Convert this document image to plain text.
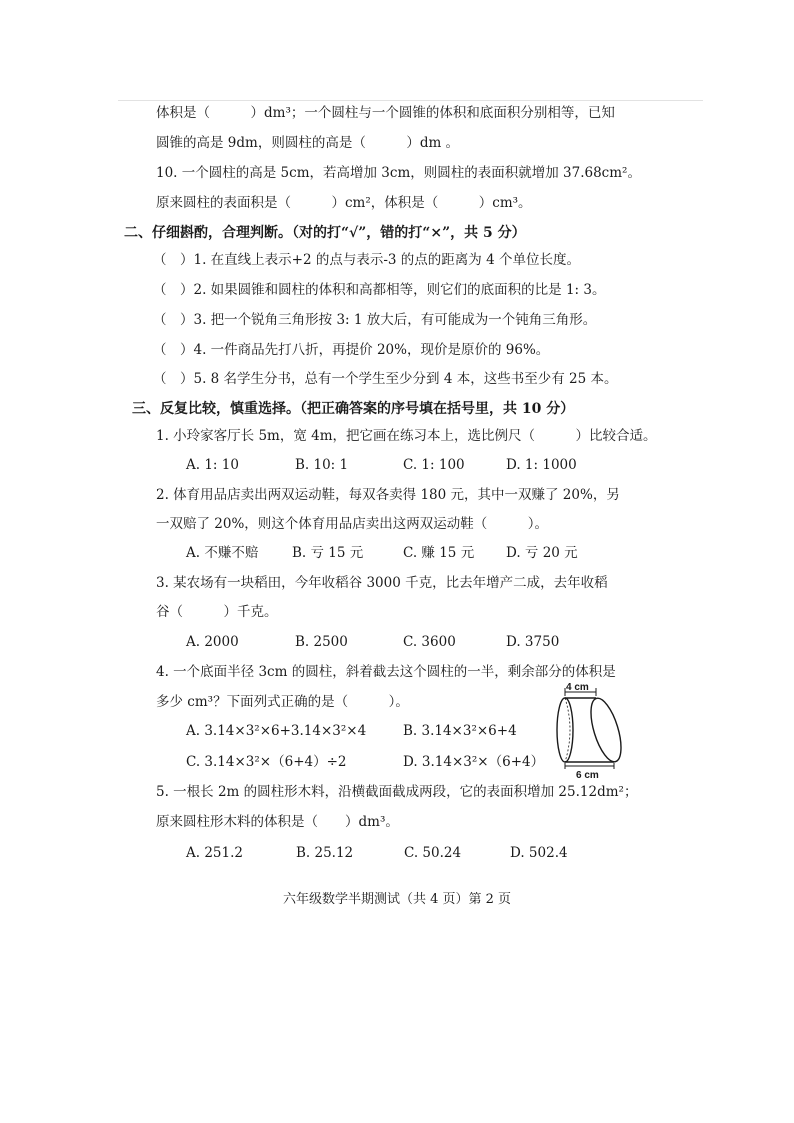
体积是（　　　）dm³；一个圆柱与一个圆锥的体积和底面积分别相等，已知
圆锥的高是 9dm，则圆柱的高是（　　　）dm 。
10. 一个圆柱的高是 5cm，若高增加 3cm，则圆柱的表面积就增加 37.68cm²。
原来圆柱的表面积是（　　　）cm²，体积是（　　　）cm³。
二、仔细斟酌，合理判断。（对的打“√”，错的打“×”，共 5 分）
（　）1. 在直线上表示+2 的点与表示-3 的点的距离为 4 个单位长度。
（　）2. 如果圆锥和圆柱的体积和高都相等，则它们的底面积的比是 1: 3。
（　）3. 把一个锐角三角形按 3: 1 放大后，有可能成为一个钝角三角形。
（　）4. 一件商品先打八折，再提价 20%，现价是原价的 96%。
（　）5. 8 名学生分书，总有一个学生至少分到 4 本，这些书至少有 25 本。
三、反复比较，慎重选择。（把正确答案的序号填在括号里，共 10 分）
1. 小玲家客厅长 5m，宽 4m，把它画在练习本上，选比例尺（　　　）比较合适。
A. 1: 10	B. 10: 1	C. 1: 100	D. 1: 1000
2. 体育用品店卖出两双运动鞋，每双各卖得 180 元，其中一双赚了 20%，另
一双赔了 20%，则这个体育用品店卖出这两双运动鞋（　　　）。
A. 不赚不赔 B. 亏 15 元	C. 赚 15 元 D. 亏 20 元
3. 某农场有一块稻田，今年收稻谷 3000 千克，比去年增产二成，去年收稻
谷（　　　）千克。
A. 2000	B. 2500	C. 3600	D. 3750
4. 一个底面半径 3cm 的圆柱，斜着截去这个圆柱的一半，剩余部分的体积是
多少 cm³？下面列式正确的是（　　　）。
A. 3.14×3²×6+3.14×3²×4	B. 3.14×3²×6+4
C. 3.14×3²×（6+4）÷2	D. 3.14×3²×（6+4）
4 cm
6 cm
5. 一根长 2m 的圆柱形木料，沿横截面截成两段，它的表面积增加 25.12dm²；
原来圆柱形木料的体积是（　　）dm³。
A. 251.2	B. 25.12	C. 50.24	D. 502.4
六年级数学半期测试（共 4 页）第 2 页
